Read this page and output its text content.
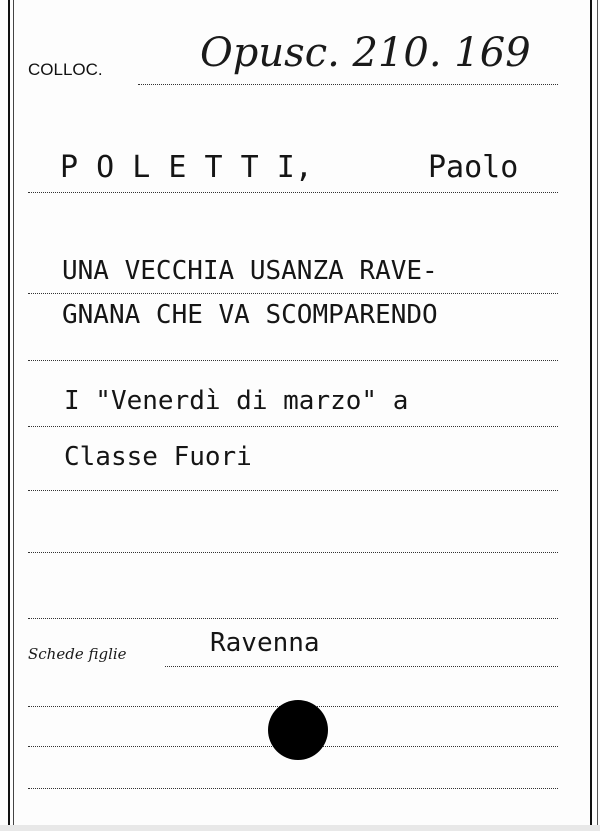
COLLOC. Opusc. 210. 169
P O L E T T I,	Paolo
UNA VECCHIA USANZA RAVE-
GNANA CHE VA SCOMPARENDO
I "Venerdì di marzo" a
Classe Fuori
Schede figlie	Ravenna
